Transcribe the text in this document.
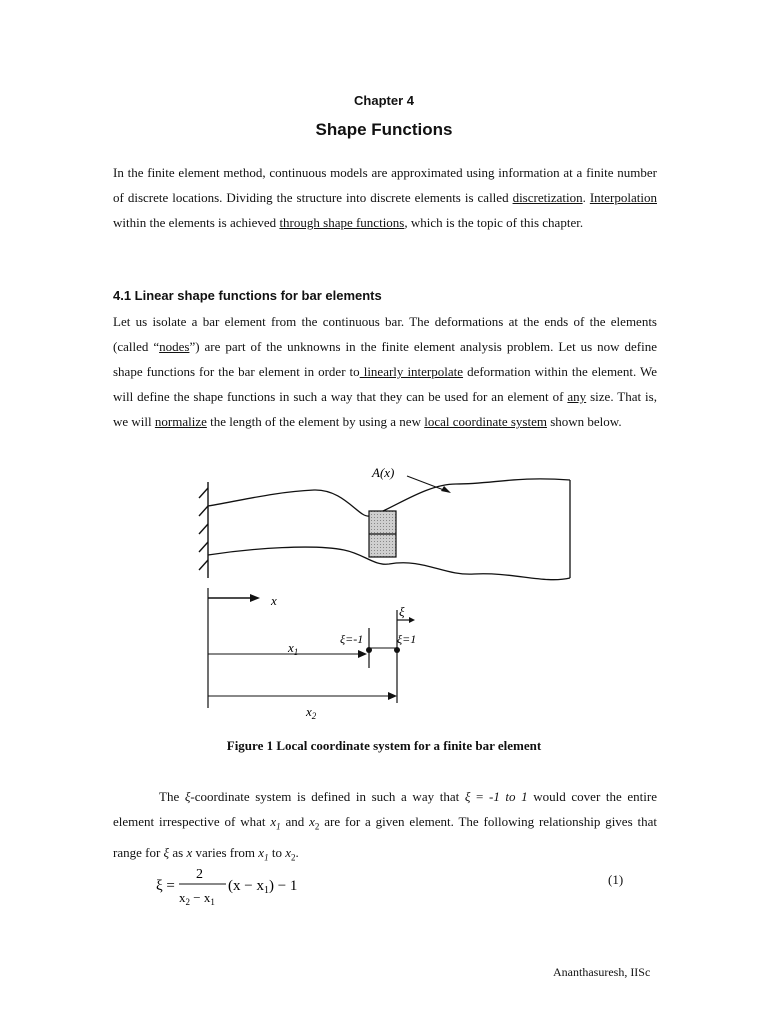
Chapter 4
Shape Functions

In the finite element method, continuous models are approximated using information at a finite number of discrete locations. Dividing the structure into discrete elements is called discretization. Interpolation within the elements is achieved through shape functions, which is the topic of this chapter.

4.1 Linear shape functions for bar elements

Let us isolate a bar element from the continuous bar. The deformations at the ends of the elements (called “nodes”) are part of the unknowns in the finite element analysis problem. Let us now define shape functions for the bar element in order to linearly interpolate deformation within the element. We will define the shape functions in such a way that they can be used for an element of any size. That is, we will normalize the length of the element by using a new local coordinate system shown below.

A(x)
x
$x_1$
$x_2$
ξ
ξ=-1	ξ=1
Figure 1 Local coordinate system for a finite bar element

The ξ-coordinate system is defined in such a way that ξ = -1 to 1 would cover the entire element irrespective of what $x_1$ and $x_2$ are for a given element. The following relationship gives that range for ξ as x varies from $x_1$ to $x_2$.

ξ =
2
$x_2 - x_1$
$(x - x_1) - 1$	(1)
Ananthasuresh, IISc
